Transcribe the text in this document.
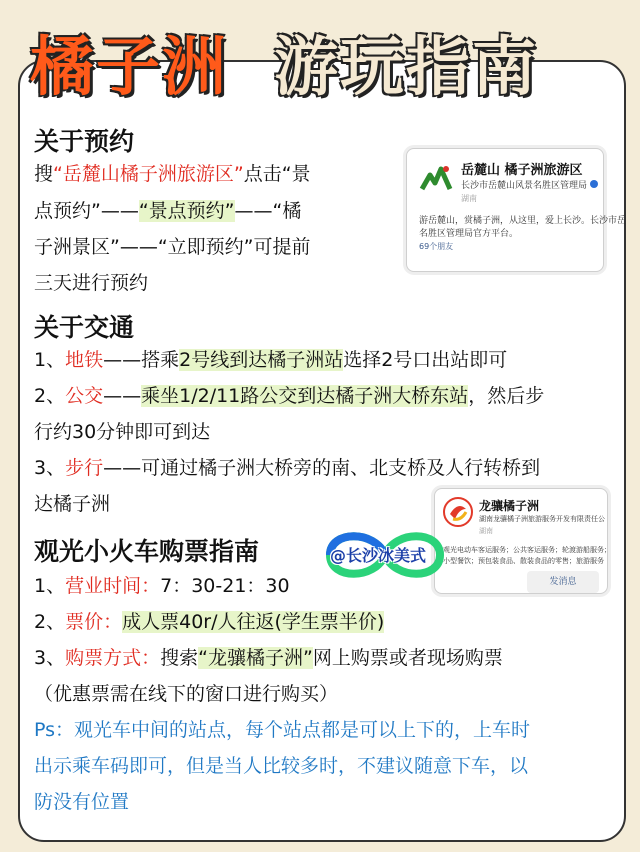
橘子洲 游玩指南
关于预约
搜“岳麓山橘子洲旅游区”点击“景
点预约”——“景点预约”——“橘
子洲景区”——“立即预约”可提前
三天进行预约
岳麓山 橘子洲旅游区
长沙市岳麓山风景名胜区管理局
湖南
游岳麓山，赏橘子洲，从这里，爱上长沙。长沙市岳
名胜区管理局官方平台。
69个朋友
关于交通
1、地铁——搭乘2号线到达橘子洲站选择2号口出站即可
2、公交——乘坐1/2/11路公交到达橘子洲大桥东站，然后步
行约30分钟即可到达
3、步行——可通过橘子洲大桥旁的南、北支桥及人行转桥到
达橘子洲	龙骧橘子洲
湖南龙骧橘子洲旅游服务开发有限责任公
湖南
观光电动车客运服务；公共客运服务；轮渡游船服务；
小型餐饮；预包装食品、散装食品的零售；旅游服务
发消息
@长沙冰美式
观光小火车购票指南
1、营业时间：7：30-21：30
2、票价：成人票40r/人往返(学生票半价)
3、购票方式：搜索“龙骧橘子洲”网上购票或者现场购票
（优惠票需在线下的窗口进行购买）
Ps：观光车中间的站点，每个站点都是可以上下的，上车时
出示乘车码即可，但是当人比较多时，不建议随意下车，以
防没有位置
